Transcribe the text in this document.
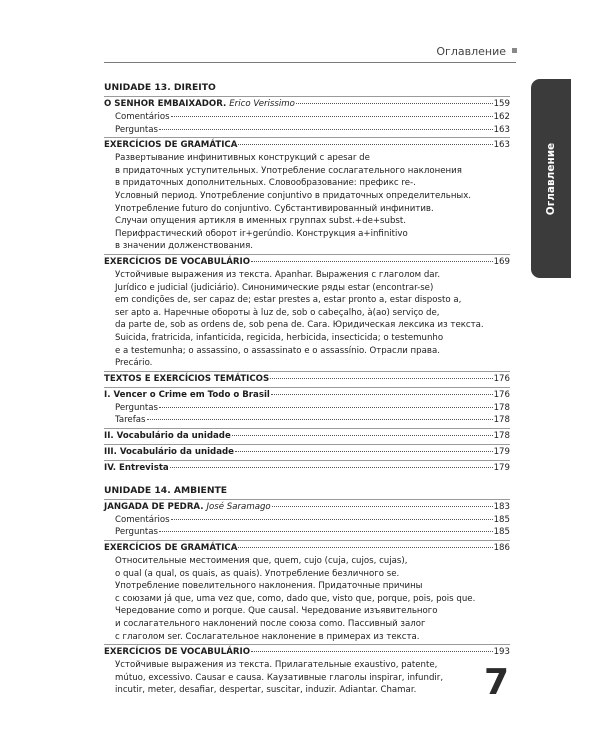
Оглавление
Оглавление
UNIDADE 13. DIREITO
O SENHOR EMBAIXADOR. Erico Verissimo	159
Comentários	162
Perguntas	163
EXERCÍCIOS DE GRAMÁTICA	163
Развертывание инфинитивных конструкций с apesar de
в придаточных уступительных. Употребление сослагательного наклонения
в придаточных дополнительных. Словообразование: префикс re-.
Условный период. Употребление conjuntivo в придаточных определительных.
Употребление futuro do conjuntivo. Субстантивированный инфинитив.
Случаи опущения артикля в именных группах subst.+de+subst.
Перифрастический оборот ir+gerúndio. Конструкция a+infinitivo
в значении долженствования.
EXERCÍCIOS DE VOCABULÁRIO	169
Устойчивые выражения из текста. Apanhar. Выражения с глаголом dar.
Jurídico e judicial (judiciário). Синонимические ряды estar (encontrar-se)
em condições de, ser capaz de; estar prestes a, estar pronto a, estar disposto a,
ser apto a. Наречные обороты à luz de, sob o cabeçalho, à(ao) serviço de,
da parte de, sob as ordens de, sob pena de. Cara. Юридическая лексика из текста.
Suicida, fratricida, infanticida, regicida, herbicida, insecticida; o testemunho
e a testemunha; o assassino, o assassinato e o assassínio. Отрасли права.
Precário.
TEXTOS E EXERCÍCIOS TEMÁTICOS	176
I. Vencer o Crime em Todo o Brasil	176
Perguntas	178
Tarefas	178
II. Vocabulário da unidade	178
III. Vocabulário da unidade	179
IV. Entrevista	179
UNIDADE 14. AMBIENTE
JANGADA DE PEDRA. José Saramago	183
Comentários	185
Perguntas	185
EXERCÍCIOS DE GRAMÁTICA	186
Относительные местоимения que, quem, cujo (cuja, cujos, cujas),
o qual (a qual, os quais, as quais). Употребление безличного se.
Употребление повелительного наклонения. Придаточные причины
с союзами já que, uma vez que, como, dado que, visto que, porque, pois, pois que.
Чередование como и porque. Que causal. Чередование изъявительного
и сослагательного наклонений после союза como. Пассивный залог
с глаголом ser. Сослагательное наклонение в примерах из текста.
EXERCÍCIOS DE VOCABULÁRIO	193
Устойчивые выражения из текста. Прилагательные exaustivo, patente,
mútuo, excessivo. Causar e causa. Каузативные глаголы inspirar, infundir,
incutir, meter, desafiar, despertar, suscitar, induzir. Adiantar. Chamar.	7
